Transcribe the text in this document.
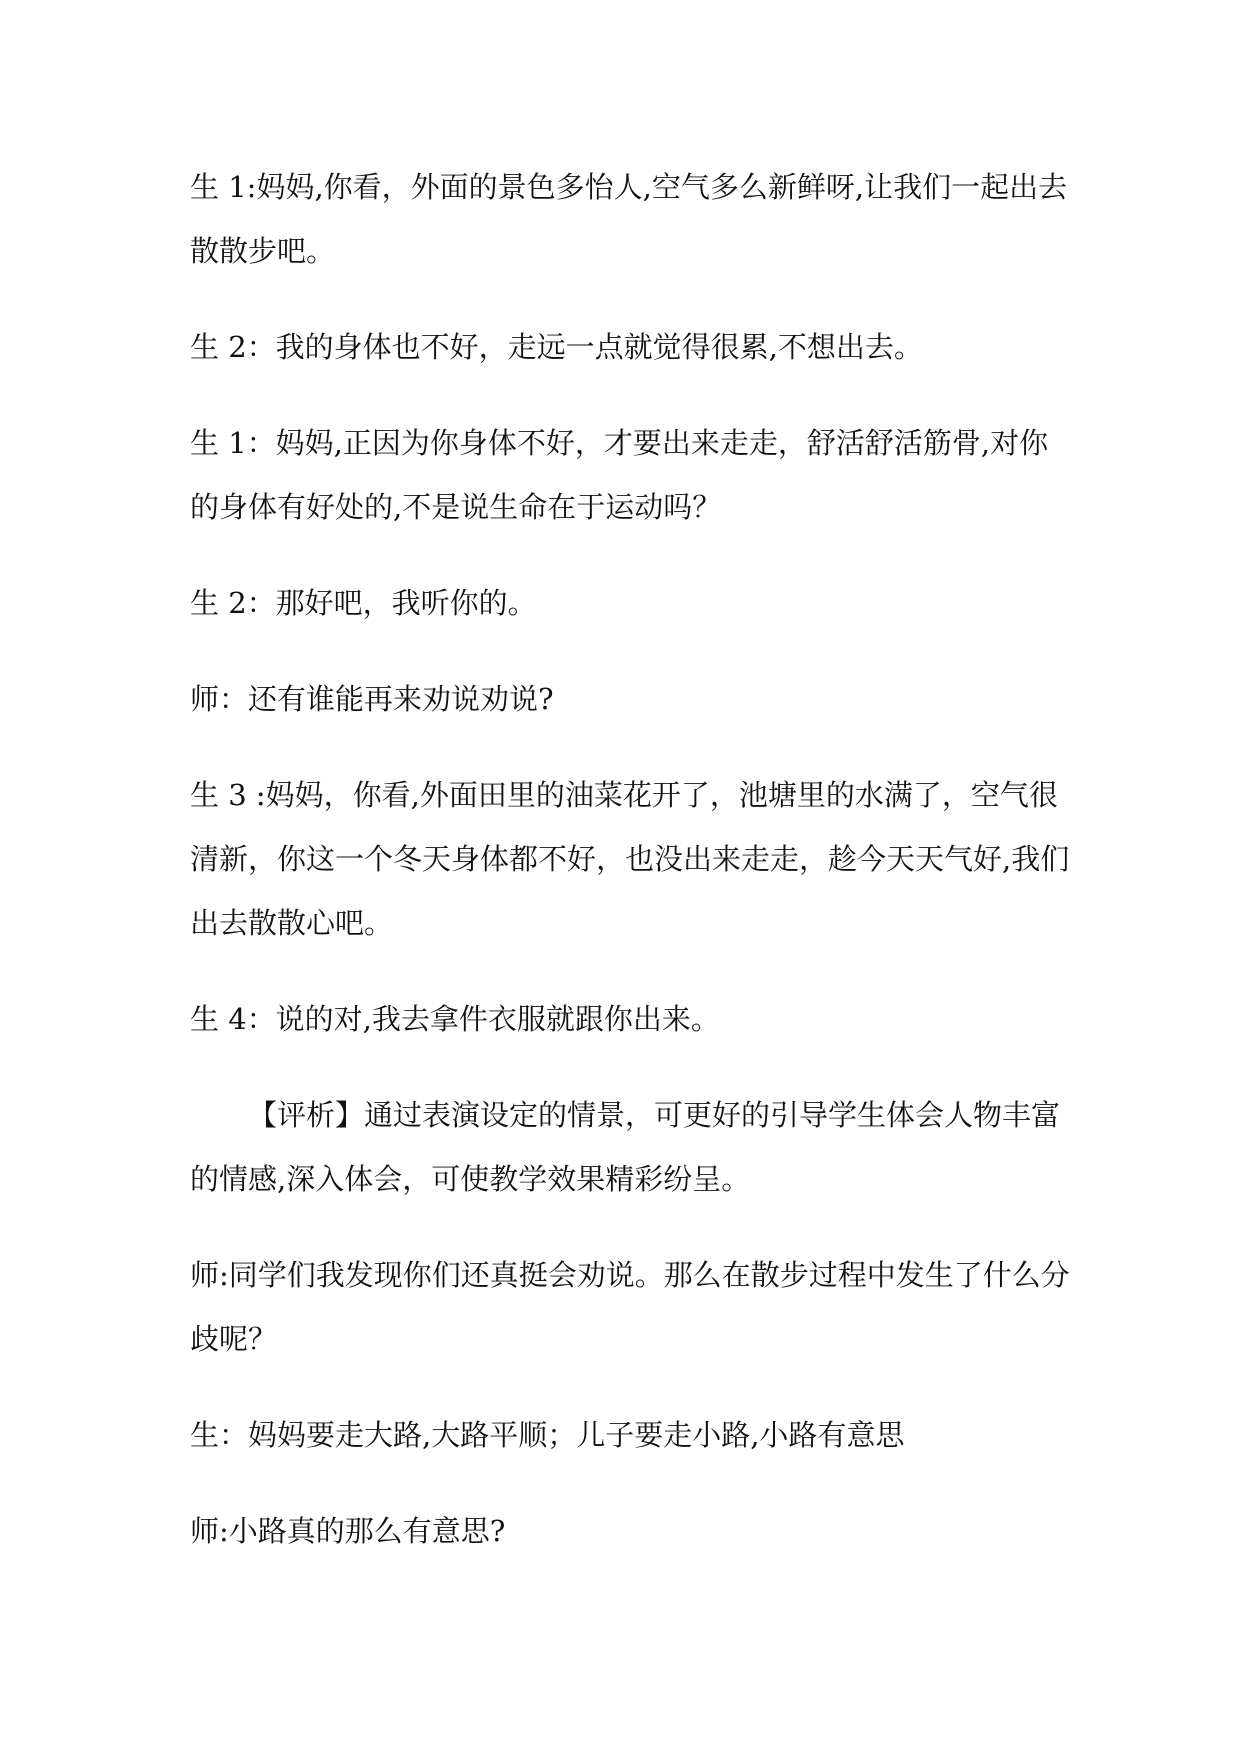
生 1:妈妈,你看，外面的景色多怡人,空气多么新鲜呀,让我们一起出去散散步吧。

生 2：我的身体也不好，走远一点就觉得很累,不想出去。

生 1：妈妈,正因为你身体不好，才要出来走走，舒活舒活筋骨,对你的身体有好处的,不是说生命在于运动吗？

生 2：那好吧，我听你的。

师：还有谁能再来劝说劝说?

生 3 :妈妈，你看,外面田里的油菜花开了，池塘里的水满了，空气很清新，你这一个冬天身体都不好，也没出来走走，趁今天天气好,我们出去散散心吧。

生 4：说的对,我去拿件衣服就跟你出来。

【评析】通过表演设定的情景，可更好的引导学生体会人物丰富的情感,深入体会，可使教学效果精彩纷呈。

师:同学们我发现你们还真挺会劝说。那么在散步过程中发生了什么分歧呢？

生：妈妈要走大路,大路平顺；儿子要走小路,小路有意思

师:小路真的那么有意思?
